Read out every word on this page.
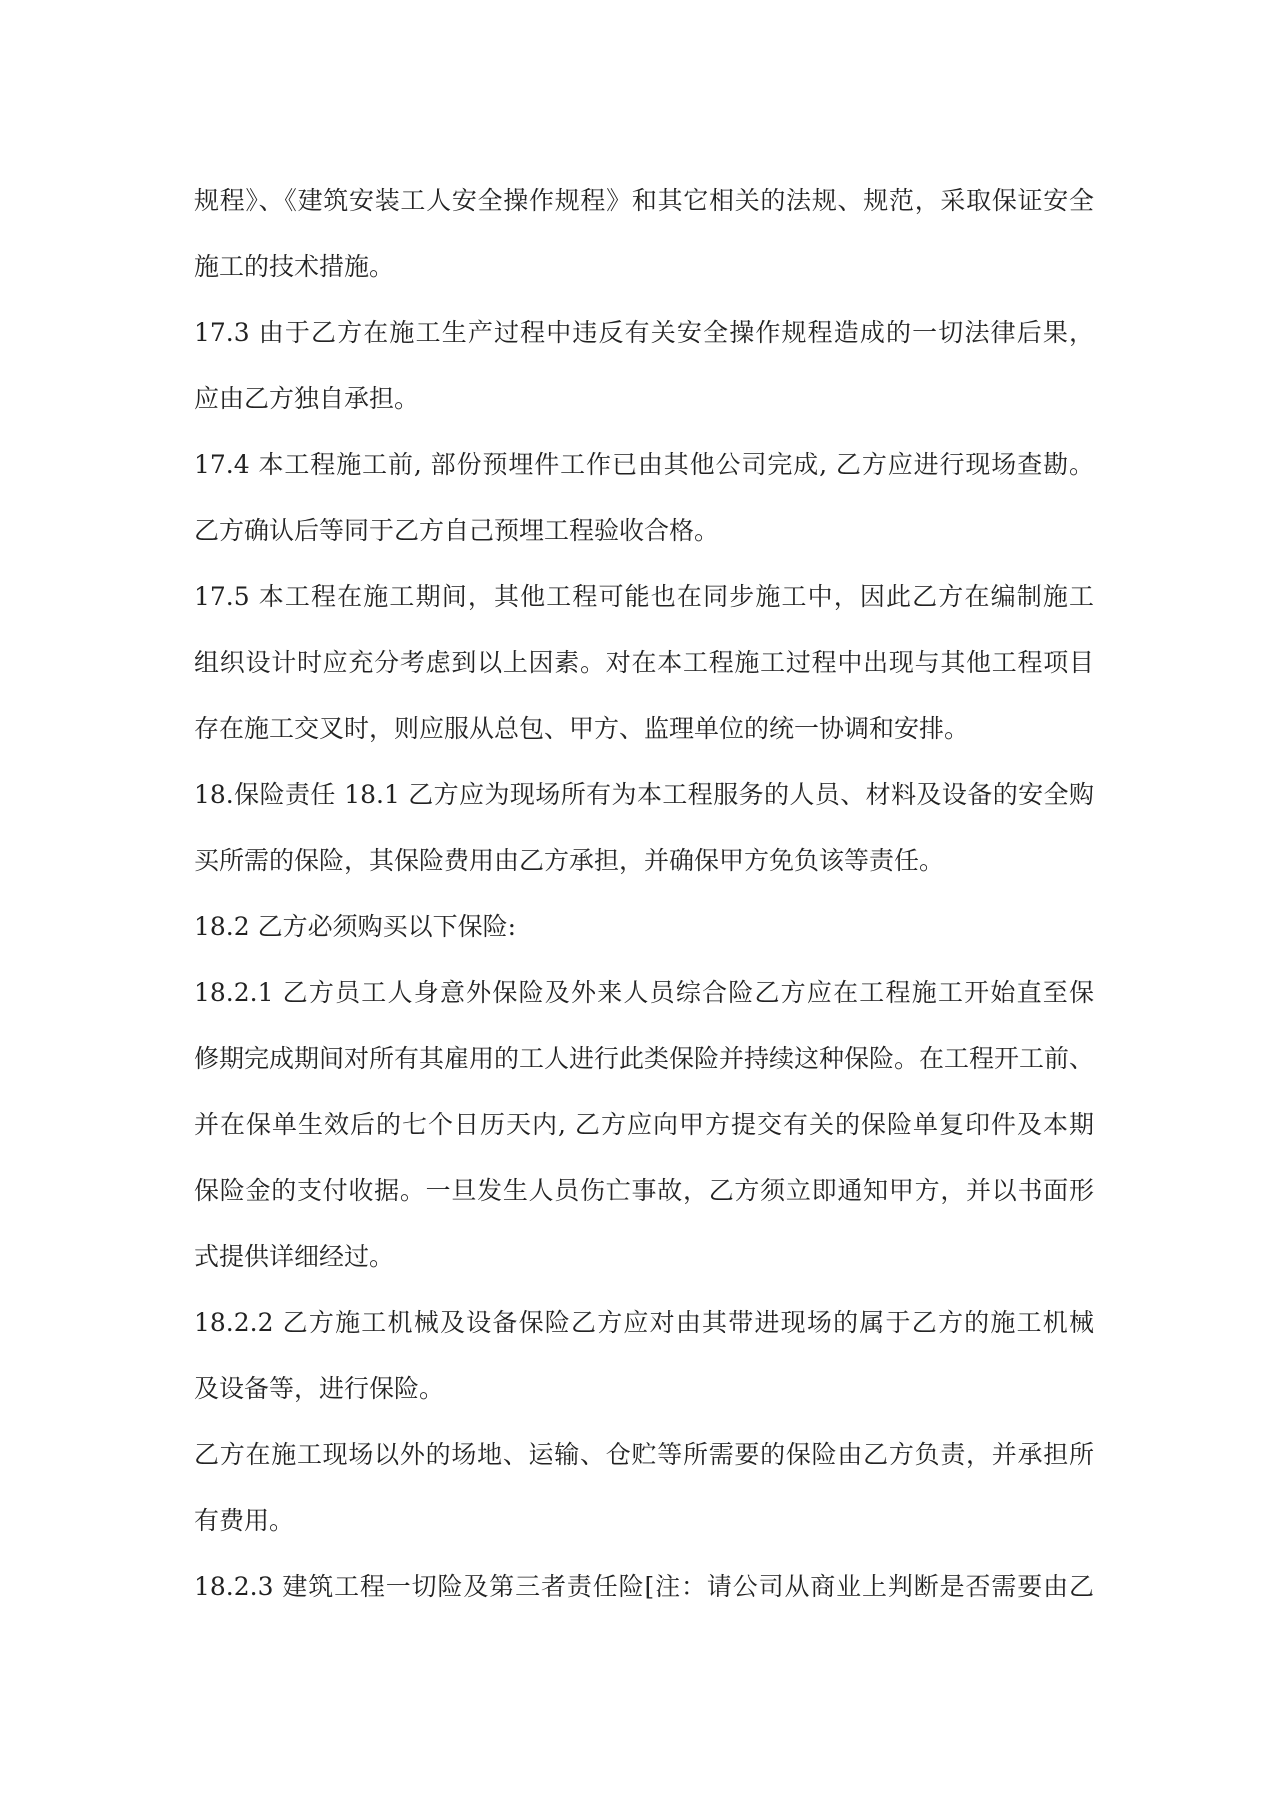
规程》、《建筑安装工人安全操作规程》和其它相关的法规、规范，采取保证安全
施工的技术措施。
17.3 由于乙方在施工生产过程中违反有关安全操作规程造成的一切法律后果，
应由乙方独自承担。
17.4 本工程施工前, 部份预埋件工作已由其他公司完成, 乙方应进行现场查勘。
乙方确认后等同于乙方自己预埋工程验收合格。
17.5 本工程在施工期间，其他工程可能也在同步施工中，因此乙方在编制施工
组织设计时应充分考虑到以上因素。对在本工程施工过程中出现与其他工程项目
存在施工交叉时，则应服从总包、甲方、监理单位的统一协调和安排。
18.保险责任 18.1 乙方应为现场所有为本工程服务的人员、材料及设备的安全购
买所需的保险，其保险费用由乙方承担，并确保甲方免负该等责任。
18.2 乙方必须购买以下保险:
18.2.1 乙方员工人身意外保险及外来人员综合险乙方应在工程施工开始直至保
修期完成期间对所有其雇用的工人进行此类保险并持续这种保险。在工程开工前、
并在保单生效后的七个日历天内, 乙方应向甲方提交有关的保险单复印件及本期
保险金的支付收据。一旦发生人员伤亡事故，乙方须立即通知甲方，并以书面形
式提供详细经过。
18.2.2 乙方施工机械及设备保险乙方应对由其带进现场的属于乙方的施工机械
及设备等，进行保险。
乙方在施工现场以外的场地、运输、仓贮等所需要的保险由乙方负责，并承担所
有费用。
18.2.3 建筑工程一切险及第三者责任险[注：请公司从商业上判断是否需要由乙
